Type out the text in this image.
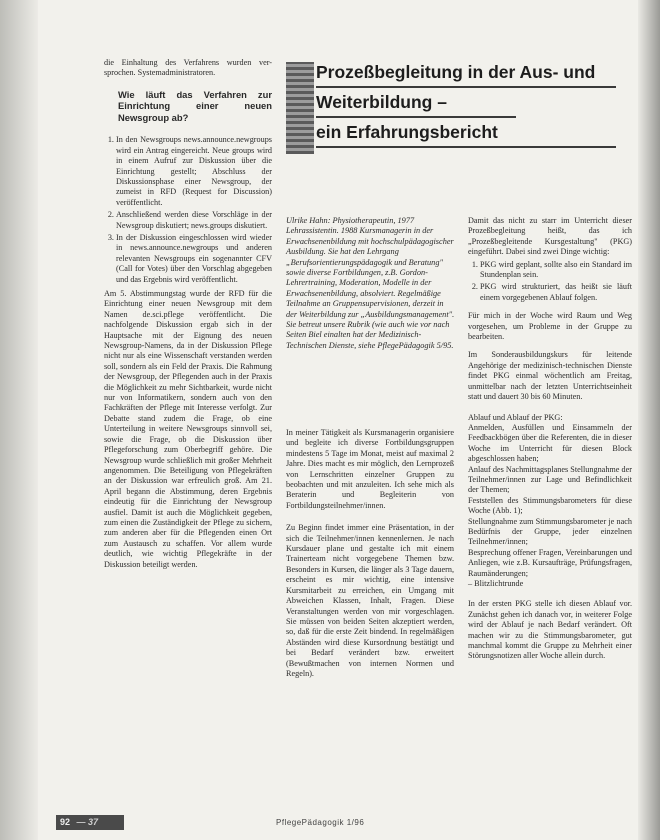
die Einhaltung des Verfahrens wurden ver-sprochen. Systemadministratoren.

Wie läuft das Verfahren zur Einrichtung einer neuen Newsgroup ab?
1. In den Newsgroups news.announce.newgroups wird ein Antrag eingereicht. Neue groups wird in einem Aufruf zur Diskussion über die Einrichtung gestellt; Abschluss der Diskussionsphase einer Newsgroup, der zumeist in RFD (Request for Discussion) veröffentlicht.
2. Anschließend werden diese Vorschläge in der Newsgroup diskutiert; news.groups diskutiert.
3. In der Diskussion eingeschlossen wird wieder in news.announce.newgroups und anderen relevanten Newsgroups ein sogenannter CFV (Call for Votes) über den Vorschlag abgegeben und das Ergebnis wird veröffentlicht.

Am 5. Abstimmungstag wurde der RFD für die Einrichtung einer neuen Newsgroup mit dem Namen de.sci.pflege veröffentlicht. Die nachfolgende Diskussion ergab sich in der Hauptsache mit der Eignung des neuen Newsgroup-Namens, da in der Diskussion Pflege nicht nur als eine Wissenschaft verstanden werden soll, sondern als ein Feld der Praxis. Die Rahmung der Newsgroup, der Pflegenden auch in der Praxis die Möglichkeit zu mehr Sichtbarkeit, wurde nicht nur von Informatikern, sondern auch von den Fachkräften der Pflege mit Interesse verfolgt. Zur Debatte stand zudem die Frage, ob eine Unterteilung in weitere Newsgroups sinnvoll sei, sowie die Frage, ob die Diskussion über Pflegeforschung zum Oberbegriff gehöre. Die Newsgroup wurde schließlich mit großer Mehrheit angenommen. Die Beteiligung von Pflegekräften an der Diskussion war erfreulich groß. Am 21. April begann die Abstimmung, deren Ergebnis eindeutig für die Einrichtung der Newsgroup ausfiel. Damit ist auch die Möglichkeit gegeben, zum einen die Zuständigkeit der Pflege zu sichern, zum anderen aber für die Pflegenden einen Ort zum Austausch zu schaffen. Vor allem wurde deutlich, wie wichtig Pflegekräfte in der Diskussion beteiligt werden.

Prozeßbegleitung in der Aus- und
Weiterbildung –
ein Erfahrungsbericht
Ulrike Hahn: Physiotherapeutin, 1977 Lehrassistentin. 1988 Kursmanagerin in der Erwachsenenbildung mit hochschulpädagogischer Ausbildung. Sie hat den Lehrgang „Berufsorientierungspädagogik und Beratung" sowie diverse Fortbildungen, z.B. Gordon-Lehrertraining, Moderation, Modelle in der Erwachsenenbildung, absolviert. Regelmäßige Teilnahme an Gruppensupervisionen, derzeit in der Weiterbildung zur „Ausbildungsmanagement". Sie betreut unsere Rubrik (wie auch wie vor nach Seiten Biel einalten hat der Medizinisch-Technischen Dienste, siehe PflegePädagogik 5/95.

In meiner Tätigkeit als Kursmanagerin organisiere und begleite ich diverse Fortbildungsgruppen mindestens 5 Tage im Monat, meist auf maximal 2 Jahre. Dies macht es mir möglich, den Lernprozeß von Lernschritten einzelner Gruppen zu beobachten und mit anzuleiten. Ich sehe mich als Beraterin und Begleiterin von Fortbildungsteilnehmer/innen.

Zu Beginn findet immer eine Präsentation, in der sich die Teilnehmer/innen kennenlernen. Je nach Kursdauer plane und gestalte ich mit einem Trainerteam nicht vorgegebene Themen bzw. Besonders in Kursen, die länger als 3 Tage dauern, erscheint es mir wichtig, eine intensive Kursmitarbeit zu erreichen, ein Umgang mit Abweichen Klassen, Inhalt, Fragen. Diese Veranstaltungen werden von mir vorgeschlagen. Sie müssen von beiden Seiten akzeptiert werden, so, daß für die erste Zeit bindend. In regelmäßigen Abständen wird diese Kursordnung bestätigt und bei Bedarf verändert bzw. erweitert (Bewußtmachen von internen Normen und Regeln).

Damit das nicht zu starr im Unterricht dieser Prozeßbegleitung heißt, das ich „Prozeßbegleitende Kursgestaltung" (PKG) eingeführt. Dabei sind zwei Dinge wichtig:

1. PKG wird geplant, sollte also ein Standard im Stundenplan sein.
2. PKG wird strukturiert, das heißt sie läuft einem vorgegebenen Ablauf folgen.

Für mich in der Woche wird Raum und Weg vorgesehen, um Probleme in der Gruppe zu bearbeiten.

Im Sonderausbildungskurs für leitende Angehörige der medizinisch-technischen Dienste findet PKG einmal wöchentlich am Freitag, unmittelbar nach der letzten Unterrichtseinheit statt und dauert 30 bis 60 Minuten.

Ablauf und Ablauf der PKG:

Anmelden, Ausfüllen und Einsammeln der Feedbackbögen über die Referenten, die in dieser Woche im Unterricht für diesen Block abgeschlossen haben;
Anlauf des Nachmittagsplanes Stellungnahme der Teilnehmer/innen zur Lage und Befindlichkeit der Themen;
Feststellen des Stimmungsbarometers für diese Woche (Abb. 1);
Stellungnahme zum Stimmungsbarometer je nach Bedürfnis der Gruppe, jeder einzelnen Teilnehmer/innen;
Besprechung offener Fragen, Vereinbarungen und Anliegen, wie z.B. Kursaufträge, Prüfungsfragen, Raumänderungen;
– Blitzlichtrunde

In der ersten PKG stelle ich diesen Ablauf vor. Zunächst gehen ich danach vor, in weiterer Folge wird der Ablauf je nach Bedarf verändert. Oft machen wir zu die Stimmungsbarometer, gut manchmal kommt die Gruppe zu Mehrheit einer Störungsnotizen aller Woche allein durch.

92 — 37	PflegePädagogik 1/96
